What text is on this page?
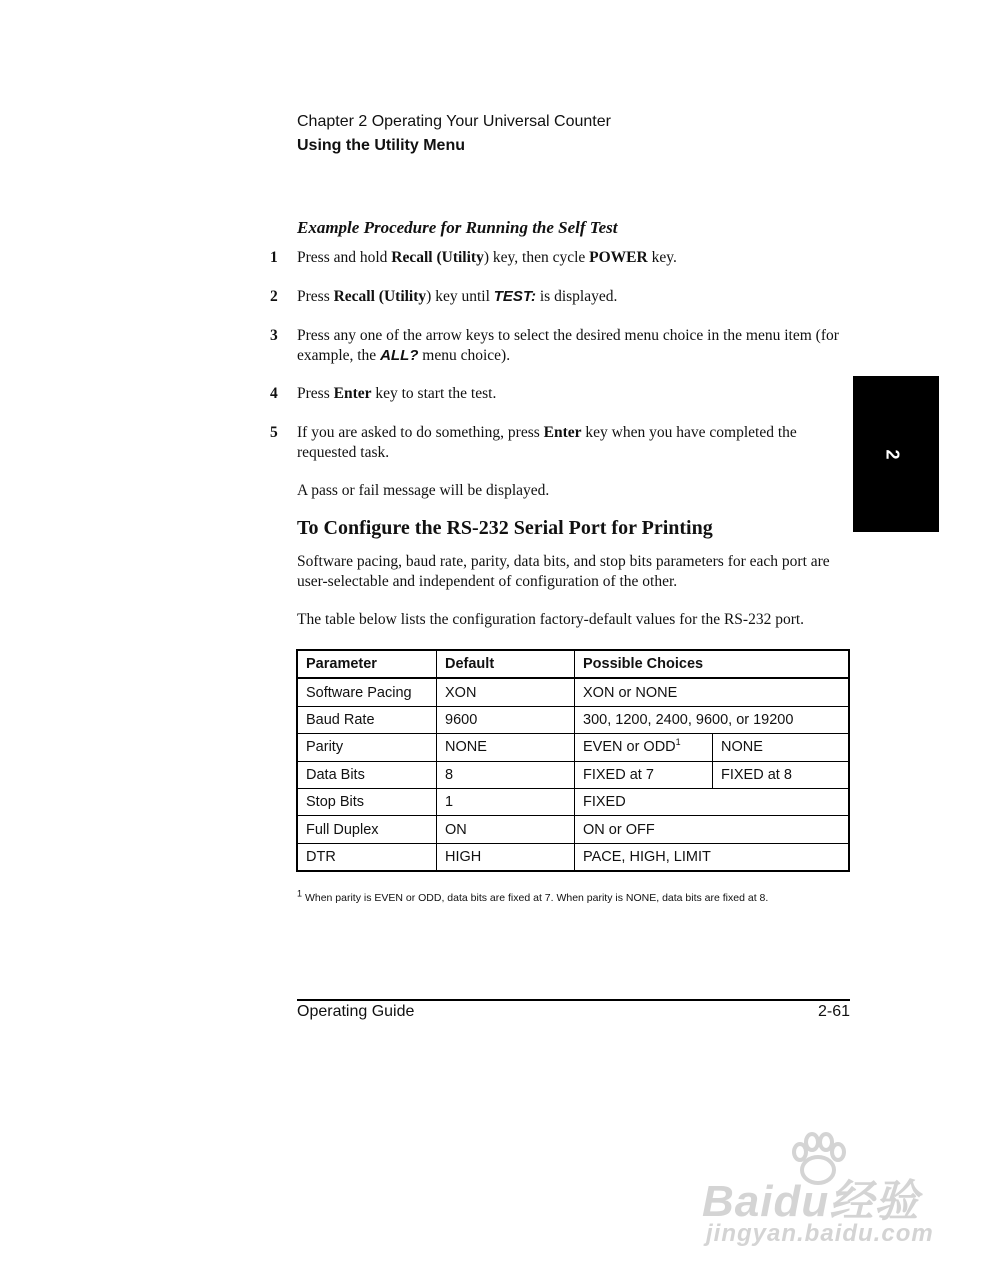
Chapter 2 Operating Your Universal Counter
Using the Utility Menu
Example Procedure for Running the Self Test
1 Press and hold Recall (Utility) key, then cycle POWER key.
2 Press Recall (Utility) key until TEST: is displayed.
3 Press any one of the arrow keys to select the desired menu choice in the menu item (for example, the ALL? menu choice).
4 Press Enter key to start the test.
5 If you are asked to do something, press Enter key when you have completed the requested task.
A pass or fail message will be displayed.
2
To Configure the RS-232 Serial Port for Printing
Software pacing, baud rate, parity, data bits, and stop bits parameters for each port are user-selectable and independent of configuration of the other.
The table below lists the configuration factory-default values for the RS-232 port.
Parameter	Default	Possible Choices	
Software Pacing	XON	XON or NONE	
Baud Rate	9600	300, 1200, 2400, 9600, or 19200	
Parity	NONE	EVEN or ODD$^1$	NONE
Data Bits	8	FIXED at 7	FIXED at 8
Stop Bits	1	FIXED	
Full Duplex	ON	ON or OFF	
DTR	HIGH	PACE, HIGH, LIMIT	
$^1$ When parity is EVEN or ODD, data bits are fixed at 7. When parity is NONE, data bits are fixed at 8.
Operating Guide	2-61
Baidu经验
jingyan.baidu.com
